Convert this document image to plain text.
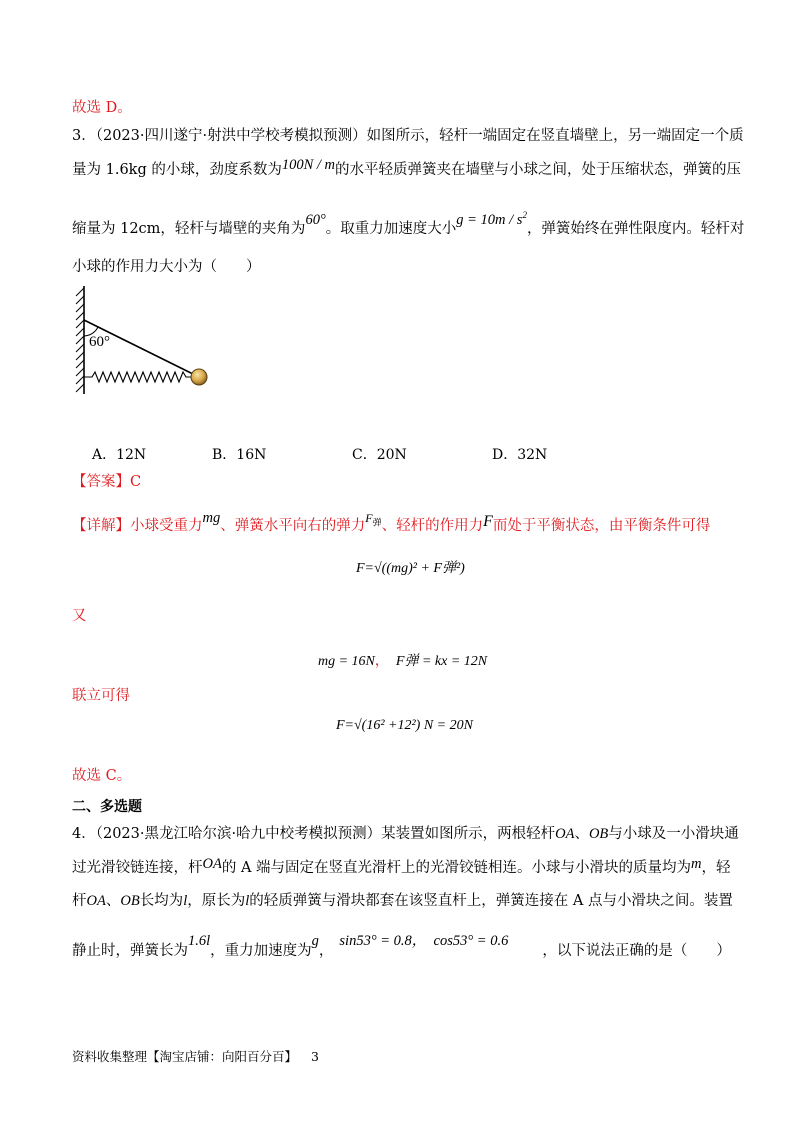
故选 D。
3．（2023·四川遂宁·射洪中学校考模拟预测）如图所示，轻杆一端固定在竖直墙壁上，另一端固定一个质
量为 1.6kg 的小球，劲度系数为100N / m的水平轻质弹簧夹在墙壁与小球之间，处于压缩状态，弹簧的压
缩量为 12cm，轻杆与墙壁的夹角为60°。取重力加速度大小$g = 10m / s^2$，弹簧始终在弹性限度内。轻杆对
小球的作用力大小为（　　）
60°
A．12N	B．16N	C．20N	D．32N
【答案】C
【详解】小球受重力mg、弹簧水平向右的弹力$^{F_弹}$、轻杆的作用力F而处于平衡状态，由平衡条件可得
F=√((mg)² + F弹²)
又
mg = 16N， F弹 = kx = 12N
联立可得
F=√(16² +12²) N = 20N
故选 C。
二、多选题
4．（2023·黑龙江哈尔滨·哈九中校考模拟预测）某装置如图所示，两根轻杆OA、OB与小球及一小滑块通
过光滑铰链连接，杆OA的 A 端与固定在竖直光滑杆上的光滑铰链相连。小球与小滑块的质量均为m，轻
杆OA、OB长均为l，原长为l的轻质弹簧与滑块都套在该竖直杆上，弹簧连接在 A 点与小滑块之间。装置
静止时，弹簧长为1.6l，重力加速度为g，sin53° = 0.8，　cos53° = 0.6，以下说法正确的是（　　）
资料收集整理【淘宝店铺：向阳百分百】 3
